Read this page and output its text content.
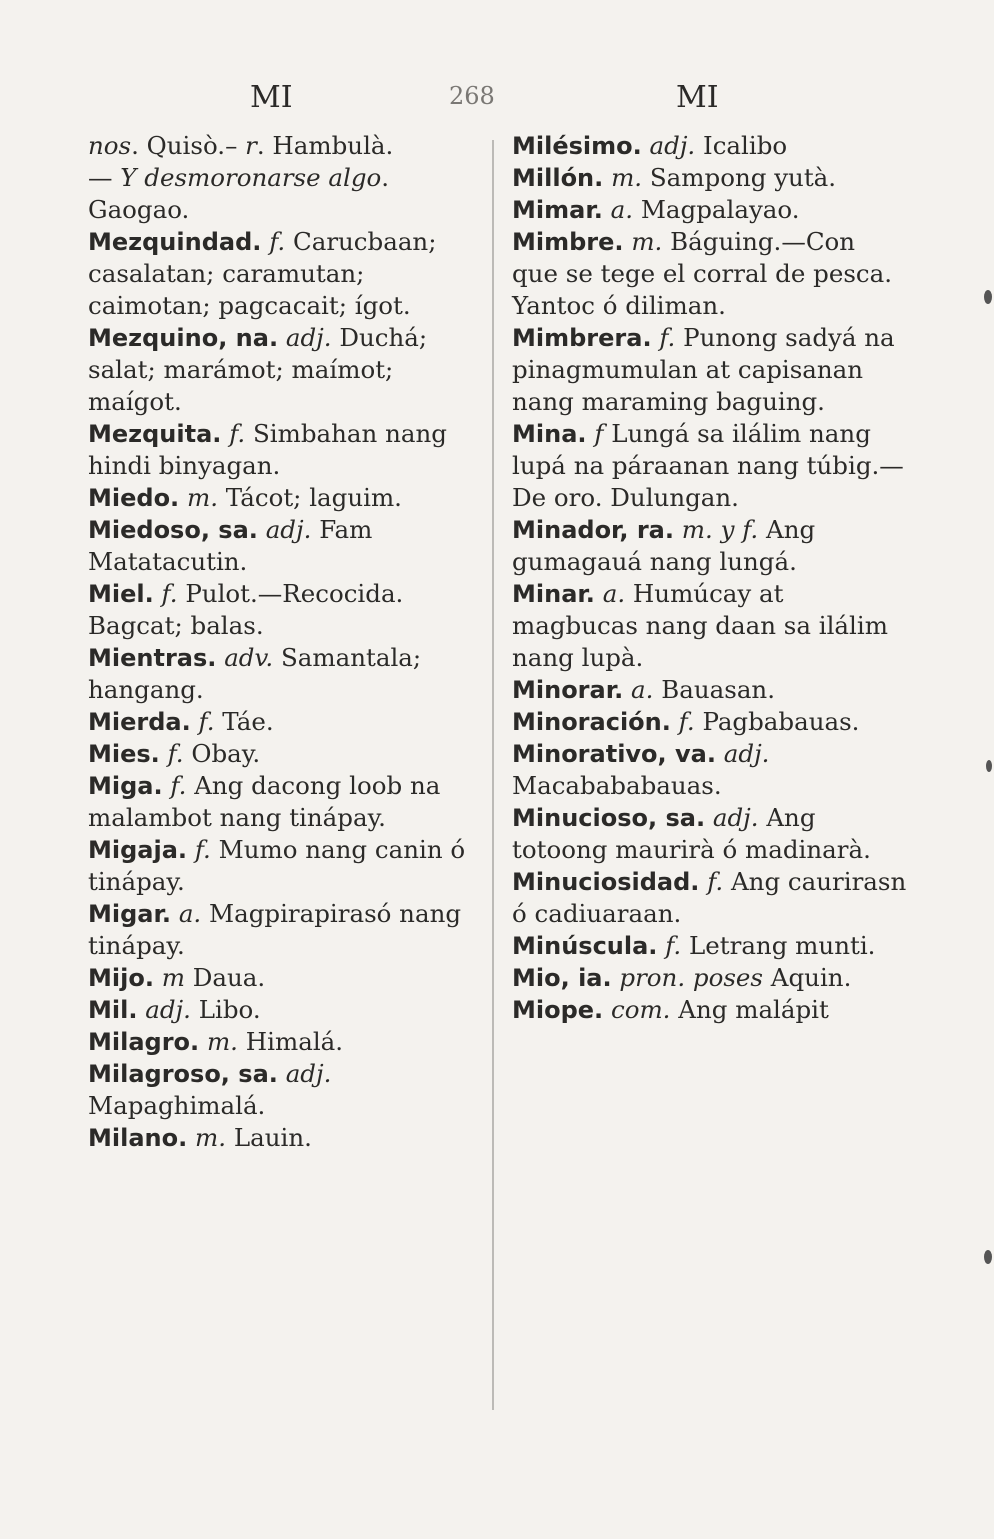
MI	268	MI

nos. Quisò.– r. Hambulà.

— Y desmoronarse algo. Gaogao.

Mezquindad. f. Carucbaan; casalatan; caramutan; caimotan; pagcacait; ígot.

Mezquino, na. adj. Duchá; salat; marámot; maímot; maígot.

Mezquita. f. Simbahan nang hindi binyagan.

Miedo. m. Tácot; laguim.

Miedoso, sa. adj. Fam Matatacutin.

Miel. f. Pulot.—Recocida. Bagcat; balas.

Mientras. adv. Samantala; hangang.

Mierda. f. Táe.

Mies. f. Obay.

Miga. f. Ang dacong loob na malambot nang tinápay.

Migaja. f. Mumo nang canin ó tinápay.

Migar. a. Magpirapirasó nang tinápay.

Mijo. m Daua.

Mil. adj. Libo.

Milagro. m. Himalá.

Milagroso, sa. adj. Mapaghimalá.

Milano. m. Lauin.

Milésimo. adj. Icalibo

Millón. m. Sampong yutà.

Mimar. a. Magpalayao.

Mimbre. m. Báguing.—Con que se tege el corral de pesca. Yantoc ó diliman.

Mimbrera. f. Punong sadyá na pinagmumulan at capisanan nang maraming baguing.

Mina. f Lungá sa ilálim nang lupá na páraanan nang túbig.—De oro. Dulungan.

Minador, ra. m. y f. Ang gumagauá nang lungá.

Minar. a. Humúcay at magbucas nang daan sa ilálim nang lupà.

Minorar. a. Bauasan.

Minoración. f. Pagbabauas.

Minorativo, va. adj. Macabababauas.

Minucioso, sa. adj. Ang totoong maurirà ó madinarà.

Minuciosidad. f. Ang caurirasn ó cadiuaraan.

Minúscula. f. Letrang munti.

Mio, ia. pron. poses Aquin.

Miope. com. Ang malápit
